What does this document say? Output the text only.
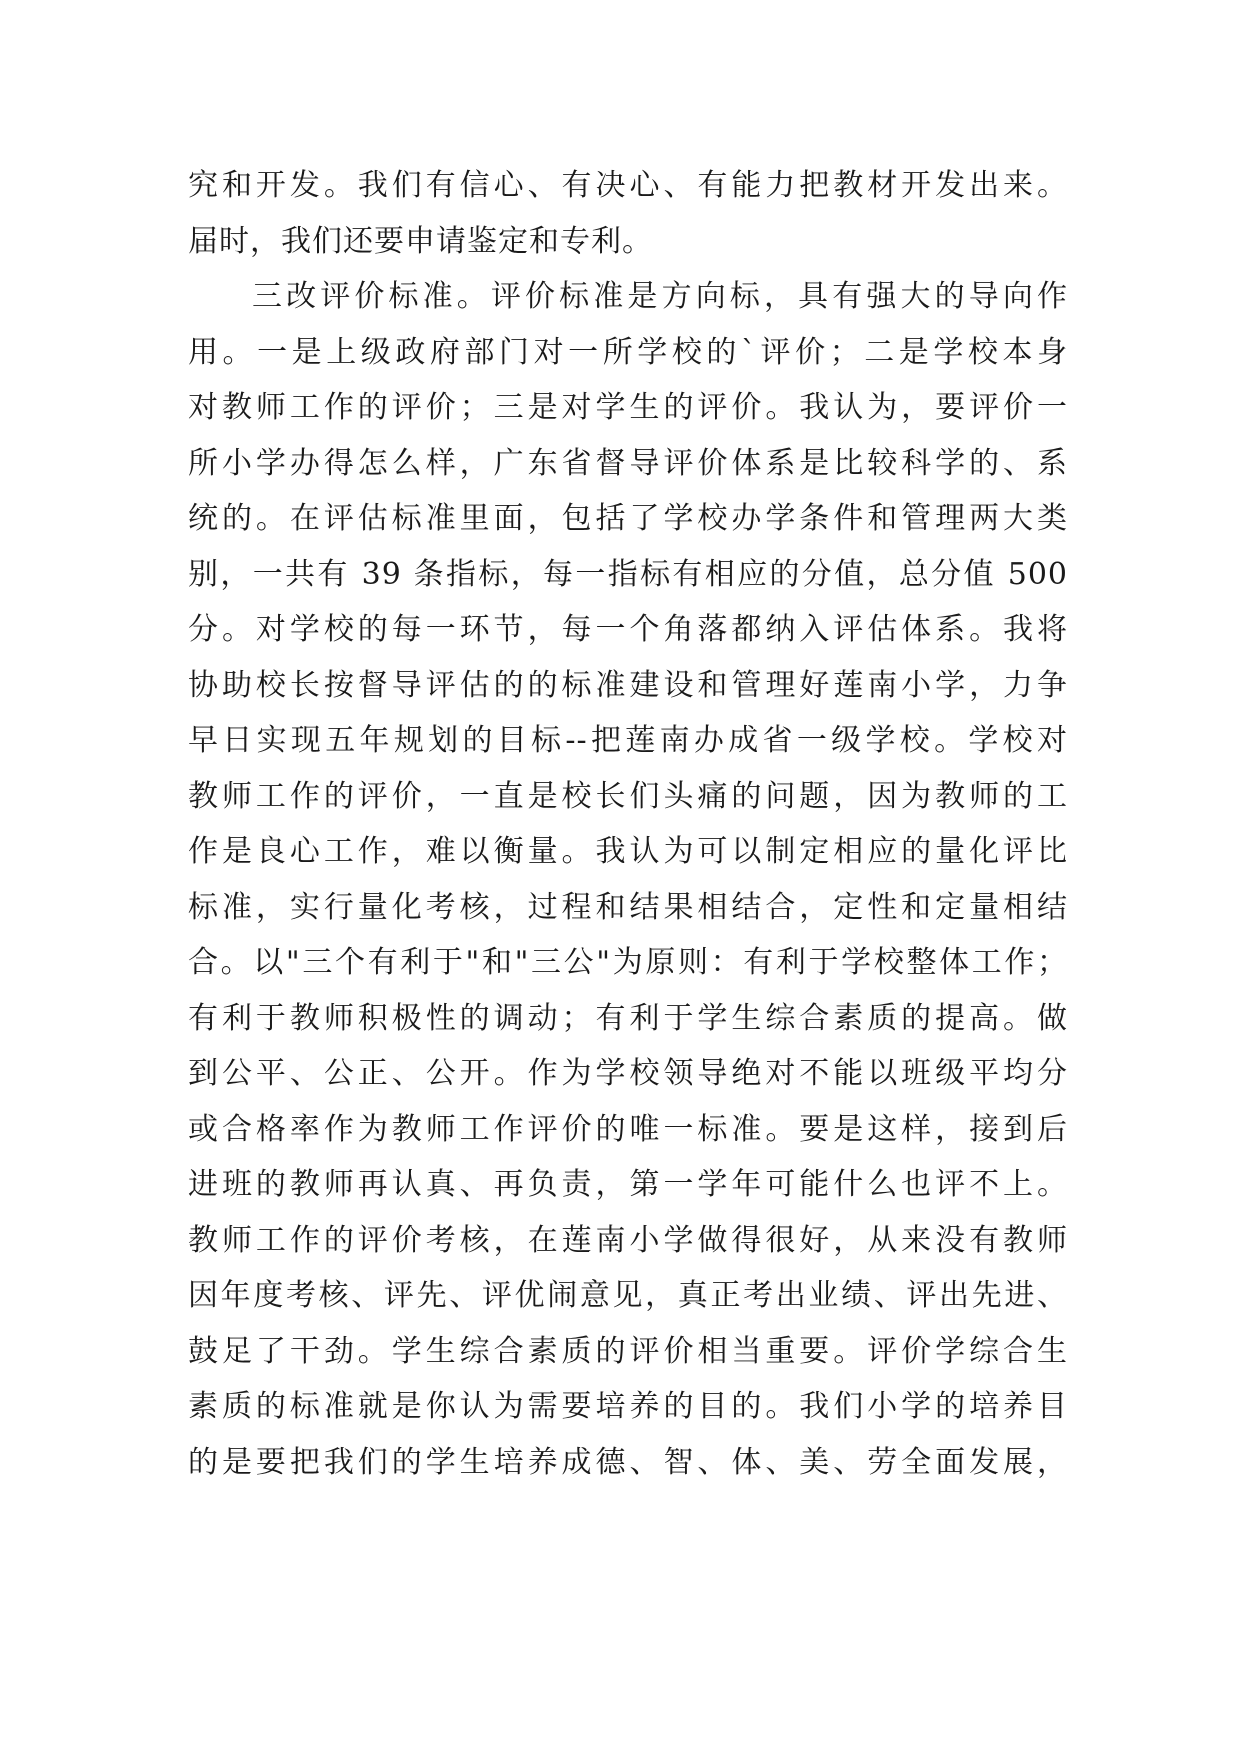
究和开发。我们有信心、有决心、有能力把教材开发出来。
届时，我们还要申请鉴定和专利。
三改评价标准。评价标准是方向标，具有强大的导向作
用。一是上级政府部门对一所学校的`评价；二是学校本身
对教师工作的评价；三是对学生的评价。我认为，要评价一
所小学办得怎么样，广东省督导评价体系是比较科学的、系
统的。在评估标准里面，包括了学校办学条件和管理两大类
别，一共有 39 条指标，每一指标有相应的分值，总分值 500
分。对学校的每一环节，每一个角落都纳入评估体系。我将
协助校长按督导评估的的标准建设和管理好莲南小学，力争
早日实现五年规划的目标--把莲南办成省一级学校。学校对
教师工作的评价，一直是校长们头痛的问题，因为教师的工
作是良心工作，难以衡量。我认为可以制定相应的量化评比
标准，实行量化考核，过程和结果相结合，定性和定量相结
合。以"三个有利于"和"三公"为原则：有利于学校整体工作；
有利于教师积极性的调动；有利于学生综合素质的提高。做
到公平、公正、公开。作为学校领导绝对不能以班级平均分
或合格率作为教师工作评价的唯一标准。要是这样，接到后
进班的教师再认真、再负责，第一学年可能什么也评不上。
教师工作的评价考核，在莲南小学做得很好，从来没有教师
因年度考核、评先、评优闹意见，真正考出业绩、评出先进、
鼓足了干劲。学生综合素质的评价相当重要。评价学综合生
素质的标准就是你认为需要培养的目的。我们小学的培养目
的是要把我们的学生培养成德、智、体、美、劳全面发展，
